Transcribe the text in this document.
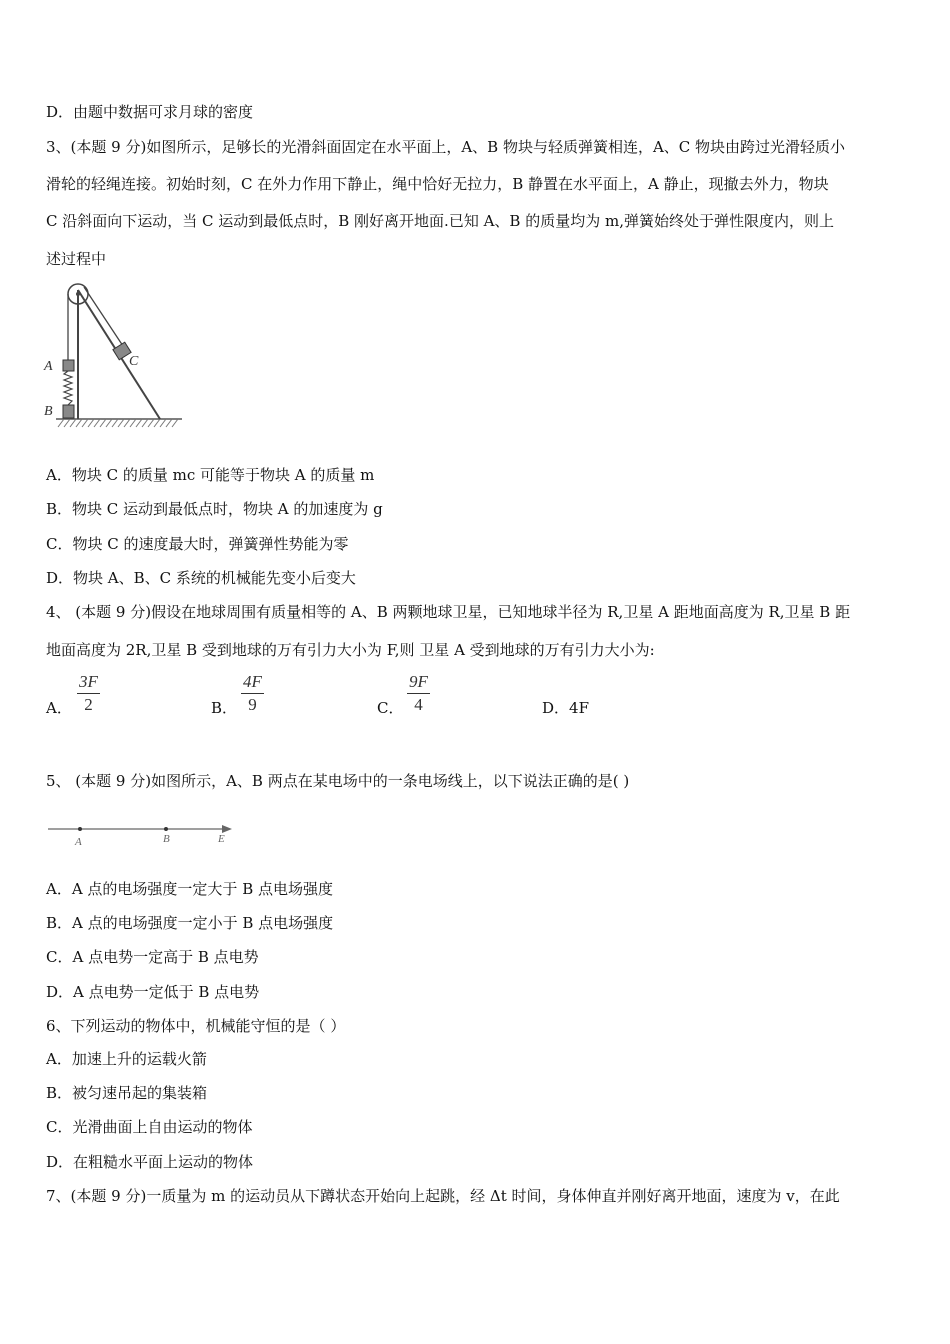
D．由题中数据可求月球的密度
3、(本题 9 分)如图所示，足够长的光滑斜面固定在水平面上，A、B 物块与轻质弹簧相连，A、C 物块由跨过光滑轻质小
滑轮的轻绳连接。初始时刻，C 在外力作用下静止，绳中恰好无拉力，B 静置在水平面上，A 静止，现撤去外力，物块
C 沿斜面向下运动，当 C 运动到最低点时，B 刚好离开地面.已知 A、B 的质量均为 m,弹簧始终处于弹性限度内，则上
述过程中
A
B
C
A．物块 C 的质量 mc 可能等于物块 A 的质量 m
B．物块 C 运动到最低点时，物块 A 的加速度为 g
C．物块 C 的速度最大时，弹簧弹性势能为零
D．物块 A、B、C 系统的机械能先变小后变大
4、 (本题 9 分)假设在地球周围有质量相等的 A、B 两颗地球卫星，已知地球半径为 R,卫星 A 距地面高度为 R,卫星 B 距
地面高度为 2R,卫星 B 受到地球的万有引力大小为 F,则 卫星 A 受到地球的万有引力大小为:
A．
3F
2	B．
4F
9	C．
9F
4	D．4F
5、 (本题 9 分)如图所示，A、B 两点在某电场中的一条电场线上，以下说法正确的是( )
A	B	E
A．A 点的电场强度一定大于 B 点电场强度
B．A 点的电场强度一定小于 B 点电场强度
C．A 点电势一定高于 B 点电势
D．A 点电势一定低于 B 点电势
6、下列运动的物体中，机械能守恒的是（ ）
A．加速上升的运载火箭
B．被匀速吊起的集装箱
C．光滑曲面上自由运动的物体
D．在粗糙水平面上运动的物体
7、(本题 9 分)一质量为 m 的运动员从下蹲状态开始向上起跳，经 Δt 时间，身体伸直并刚好离开地面，速度为 v，在此
